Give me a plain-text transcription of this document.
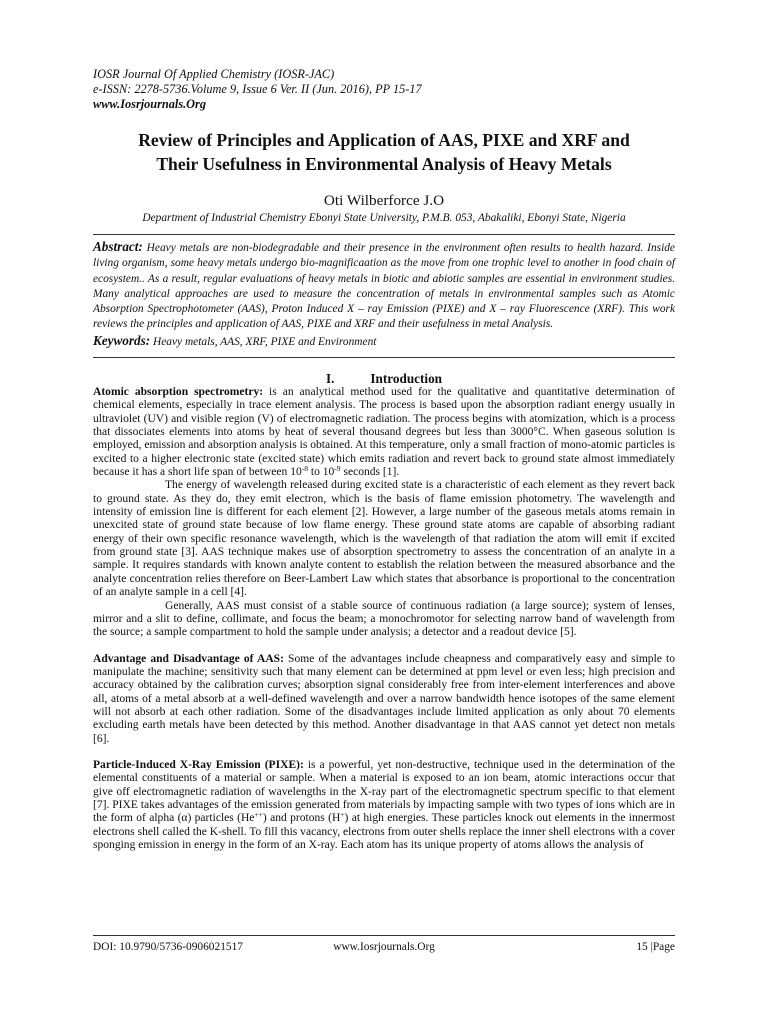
IOSR Journal Of Applied Chemistry (IOSR-JAC)
e-ISSN: 2278-5736.Volume 9, Issue 6 Ver. II (Jun. 2016), PP 15-17
www.Iosrjournals.Org
Review of Principles and Application of AAS, PIXE and XRF and
Their Usefulness in Environmental Analysis of Heavy Metals
Oti Wilberforce J.O
Department of Industrial Chemistry Ebonyi State University, P.M.B. 053, Abakaliki, Ebonyi State, Nigeria
Abstract: Heavy metals are non-biodegradable and their presence in the environment often results to health hazard. Inside living organism, some heavy metals undergo bio-magnificaation as the move from one trophic level to another in food chain of ecosystem.. As a result, regular evaluations of heavy metals in biotic and abiotic samples are essential in environment studies. Many analytical approaches are used to measure the concentration of metals in environmental samples such as Atomic Absorption Spectrophotometer (AAS), Proton Induced X – ray Emission (PIXE) and X – ray Fluorescence (XRF). This work reviews the principles and application of AAS, PIXE and XRF and their usefulness in metal Analysis.
Keywords: Heavy metals, AAS, XRF, PIXE and Environment
I.	Introduction

Atomic absorption spectrometry: is an analytical method used for the qualitative and quantitative determination of chemical elements, especially in trace element analysis. The process is based upon the absorption radiant energy usually in ultraviolet (UV) and visible region (V) of electromagnetic radiation. The process begins with atomization, which is a process that dissociates elements into atoms by heat of several thousand degrees but less than 3000°C. When gaseous solution is employed, emission and absorption analysis is obtained. At this temperature, only a small fraction of mono-atomic particles is excited to a higher electronic state (excited state) which emits radiation and revert back to ground state almost immediately because it has a short life span of between $10^{-8}$ to $10^{-9}$ seconds [1].

The energy of wavelength released during excited state is a characteristic of each element as they revert back to ground state. As they do, they emit electron, which is the basis of flame emission photometry. The wavelength and intensity of emission line is different for each element [2]. However, a large number of the gaseous metals atoms remain in unexcited state of ground state because of low flame energy. These ground state atoms are capable of absorbing radiant energy of their own specific resonance wavelength, which is the wavelength of that radiation the atom will emit if excited from ground state [3]. AAS technique makes use of absorption spectrometry to assess the concentration of an analyte in a sample. It requires standards with known analyte content to establish the relation between the measured absorbance and the analyte concentration relies therefore on Beer-Lambert Law which states that absorbance is proportional to the concentration of an analyte sample in a cell [4].

Generally, AAS must consist of a stable source of continuous radiation (a large source); system of lenses, mirror and a slit to define, collimate, and focus the beam; a monochromotor for selecting narrow band of wavelength from the source; a sample compartment to hold the sample under analysis; a detector and a readout device [5].

Advantage and Disadvantage of AAS: Some of the advantages include cheapness and comparatively easy and simple to manipulate the machine; sensitivity such that many element can be determined at ppm level or even less; high precision and accuracy obtained by the calibration curves; absorption signal considerably free from inter-element interferences and above all, atoms of a metal absorb at a well-defined wavelength and over a narrow bandwidth hence isotopes of the same element will not absorb at each other radiation. Some of the disadvantages include limited application as only about 70 elements excluding earth metals have been detected by this method. Another disadvantage in that AAS cannot yet detect non metals [6].

Particle-Induced X-Ray Emission (PIXE): is a powerful, yet non-destructive, technique used in the determination of the elemental constituents of a material or sample. When a material is exposed to an ion beam, atomic interactions occur that give off electromagnetic radiation of wavelengths in the X-ray part of the electromagnetic spectrum specific to that element [7]. PIXE takes advantages of the emission generated from materials by impacting sample with two types of ions which are in the form of alpha (α) particles (He++) and protons (H+) at high energies. These particles knock out elements in the innermost electrons shell called the K-shell. To fill this vacancy, electrons from outer shells replace the inner shell electrons with a cover sponging emission in energy in the form of an X-ray. Each atom has its unique property of atoms allows the analysis of

DOI: 10.9790/5736-0906021517	www.Iosrjournals.Org	15 |Page
